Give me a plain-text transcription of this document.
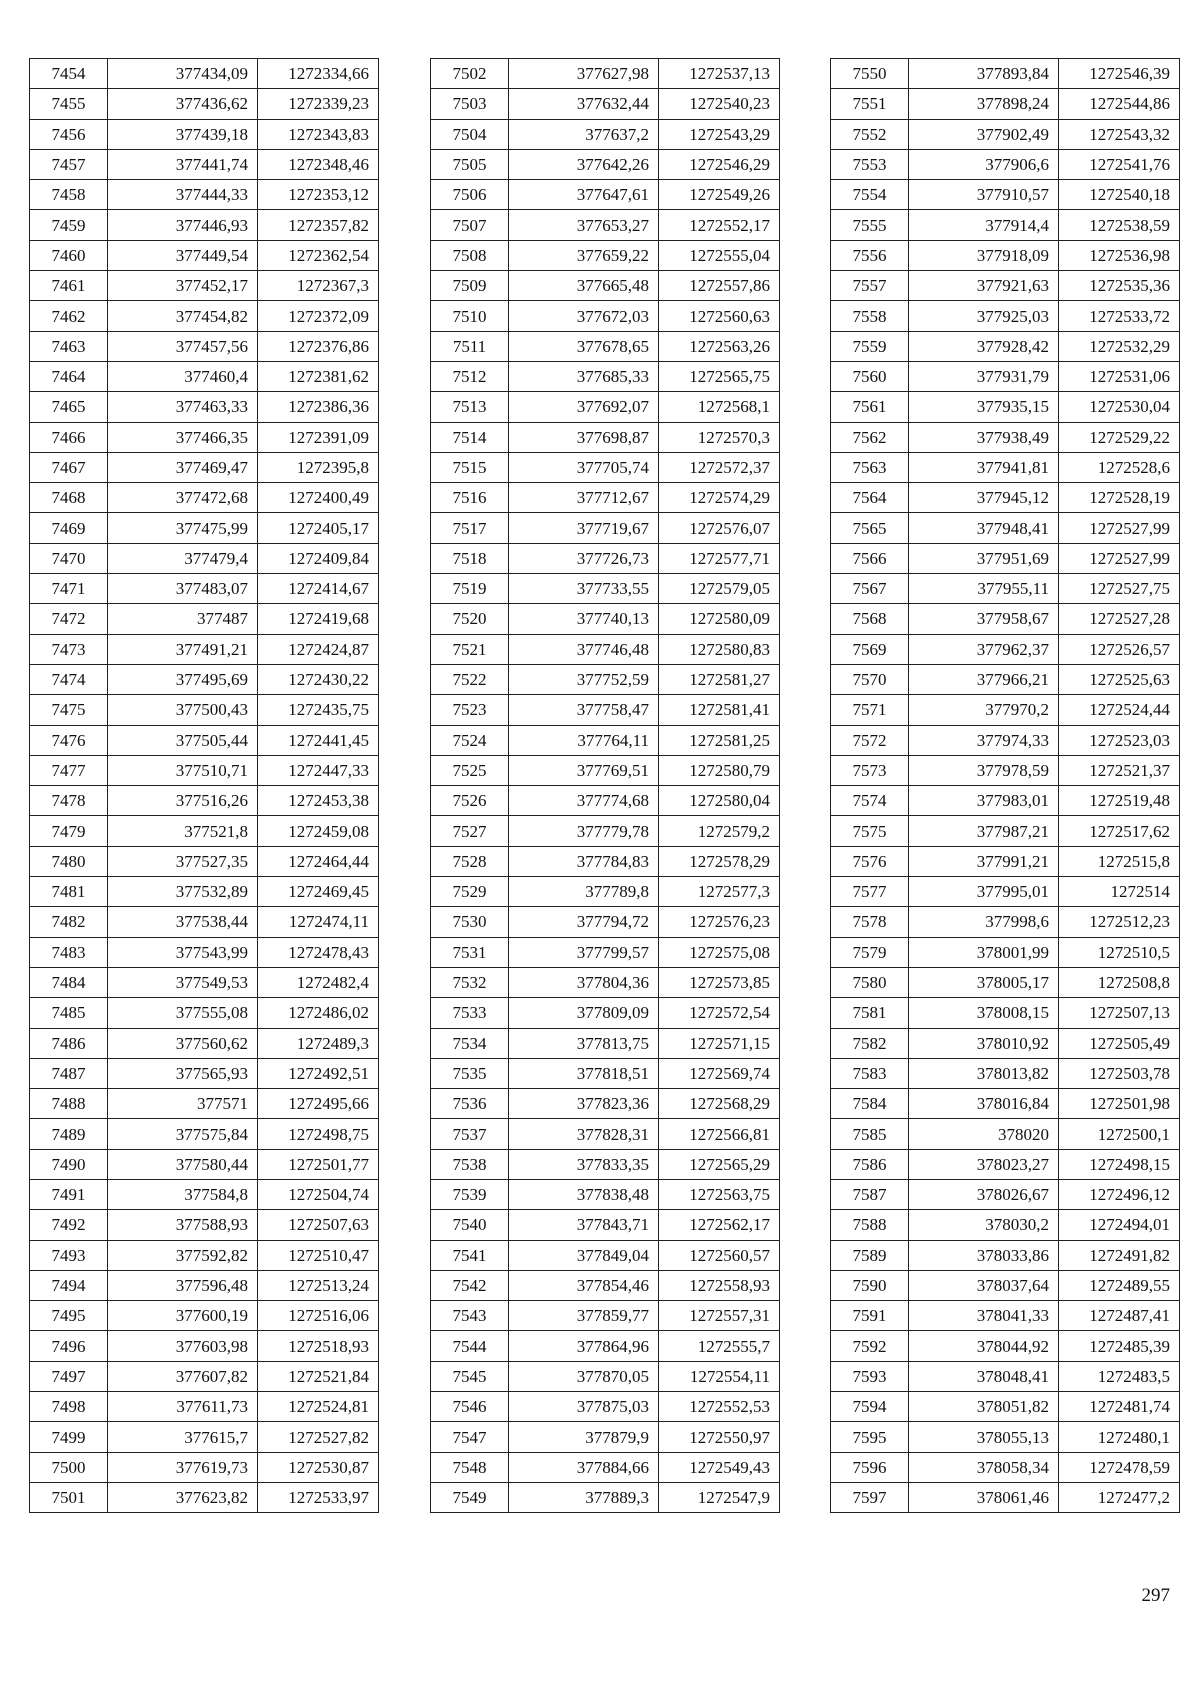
7454	377434,09	1272334,66
7455	377436,62	1272339,23
7456	377439,18	1272343,83
7457	377441,74	1272348,46
7458	377444,33	1272353,12
7459	377446,93	1272357,82
7460	377449,54	1272362,54
7461	377452,17	1272367,3
7462	377454,82	1272372,09
7463	377457,56	1272376,86
7464	377460,4	1272381,62
7465	377463,33	1272386,36
7466	377466,35	1272391,09
7467	377469,47	1272395,8
7468	377472,68	1272400,49
7469	377475,99	1272405,17
7470	377479,4	1272409,84
7471	377483,07	1272414,67
7472	377487	1272419,68
7473	377491,21	1272424,87
7474	377495,69	1272430,22
7475	377500,43	1272435,75
7476	377505,44	1272441,45
7477	377510,71	1272447,33
7478	377516,26	1272453,38
7479	377521,8	1272459,08
7480	377527,35	1272464,44
7481	377532,89	1272469,45
7482	377538,44	1272474,11
7483	377543,99	1272478,43
7484	377549,53	1272482,4
7485	377555,08	1272486,02
7486	377560,62	1272489,3
7487	377565,93	1272492,51
7488	377571	1272495,66
7489	377575,84	1272498,75
7490	377580,44	1272501,77
7491	377584,8	1272504,74
7492	377588,93	1272507,63
7493	377592,82	1272510,47
7494	377596,48	1272513,24
7495	377600,19	1272516,06
7496	377603,98	1272518,93
7497	377607,82	1272521,84
7498	377611,73	1272524,81
7499	377615,7	1272527,82
7500	377619,73	1272530,87
7501	377623,82	1272533,97
7502	377627,98	1272537,13
7503	377632,44	1272540,23
7504	377637,2	1272543,29
7505	377642,26	1272546,29
7506	377647,61	1272549,26
7507	377653,27	1272552,17
7508	377659,22	1272555,04
7509	377665,48	1272557,86
7510	377672,03	1272560,63
7511	377678,65	1272563,26
7512	377685,33	1272565,75
7513	377692,07	1272568,1
7514	377698,87	1272570,3
7515	377705,74	1272572,37
7516	377712,67	1272574,29
7517	377719,67	1272576,07
7518	377726,73	1272577,71
7519	377733,55	1272579,05
7520	377740,13	1272580,09
7521	377746,48	1272580,83
7522	377752,59	1272581,27
7523	377758,47	1272581,41
7524	377764,11	1272581,25
7525	377769,51	1272580,79
7526	377774,68	1272580,04
7527	377779,78	1272579,2
7528	377784,83	1272578,29
7529	377789,8	1272577,3
7530	377794,72	1272576,23
7531	377799,57	1272575,08
7532	377804,36	1272573,85
7533	377809,09	1272572,54
7534	377813,75	1272571,15
7535	377818,51	1272569,74
7536	377823,36	1272568,29
7537	377828,31	1272566,81
7538	377833,35	1272565,29
7539	377838,48	1272563,75
7540	377843,71	1272562,17
7541	377849,04	1272560,57
7542	377854,46	1272558,93
7543	377859,77	1272557,31
7544	377864,96	1272555,7
7545	377870,05	1272554,11
7546	377875,03	1272552,53
7547	377879,9	1272550,97
7548	377884,66	1272549,43
7549	377889,3	1272547,9
7550	377893,84	1272546,39
7551	377898,24	1272544,86
7552	377902,49	1272543,32
7553	377906,6	1272541,76
7554	377910,57	1272540,18
7555	377914,4	1272538,59
7556	377918,09	1272536,98
7557	377921,63	1272535,36
7558	377925,03	1272533,72
7559	377928,42	1272532,29
7560	377931,79	1272531,06
7561	377935,15	1272530,04
7562	377938,49	1272529,22
7563	377941,81	1272528,6
7564	377945,12	1272528,19
7565	377948,41	1272527,99
7566	377951,69	1272527,99
7567	377955,11	1272527,75
7568	377958,67	1272527,28
7569	377962,37	1272526,57
7570	377966,21	1272525,63
7571	377970,2	1272524,44
7572	377974,33	1272523,03
7573	377978,59	1272521,37
7574	377983,01	1272519,48
7575	377987,21	1272517,62
7576	377991,21	1272515,8
7577	377995,01	1272514
7578	377998,6	1272512,23
7579	378001,99	1272510,5
7580	378005,17	1272508,8
7581	378008,15	1272507,13
7582	378010,92	1272505,49
7583	378013,82	1272503,78
7584	378016,84	1272501,98
7585	378020	1272500,1
7586	378023,27	1272498,15
7587	378026,67	1272496,12
7588	378030,2	1272494,01
7589	378033,86	1272491,82
7590	378037,64	1272489,55
7591	378041,33	1272487,41
7592	378044,92	1272485,39
7593	378048,41	1272483,5
7594	378051,82	1272481,74
7595	378055,13	1272480,1
7596	378058,34	1272478,59
7597	378061,46	1272477,2
297
